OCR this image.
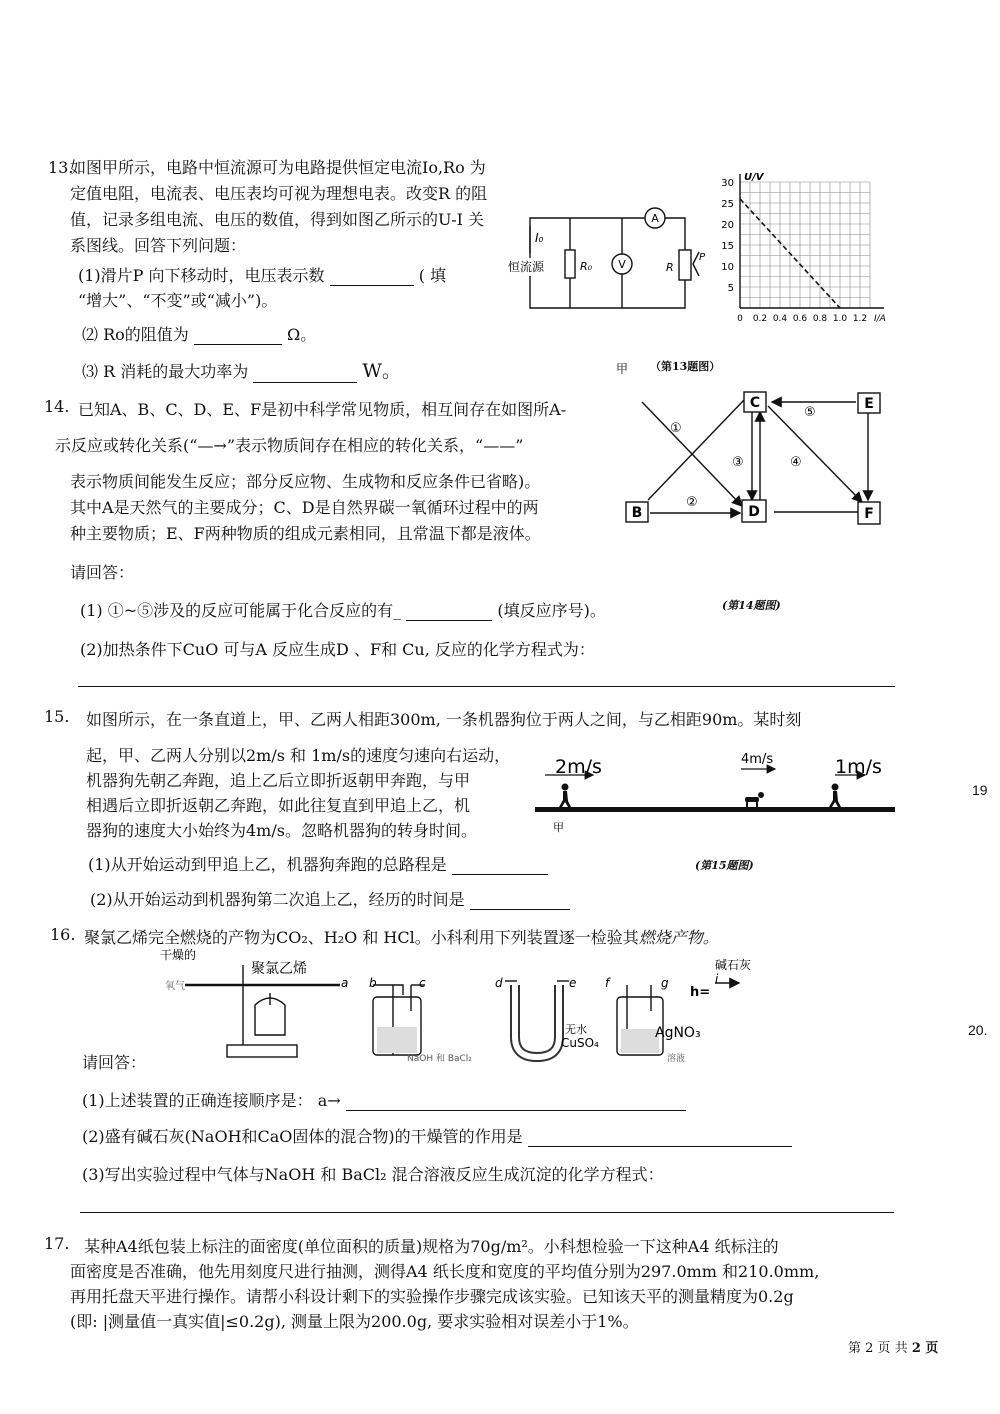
13.
如图甲所示，电路中恒流源可为电路提供恒定电流Io,Ro 为定值电阻，电流表、电压表均可视为理想电表。改变R 的阻值，记录多组电流、电压的数值，得到如图乙所示的U-I 关系图线。回答下列问题：
(1)滑片P 向下移动时，电压表示数	( 填
“增大”、“不变”或“减小”)。
⑵ Ro的阻值为	Ω。
⑶ R 消耗的最大功率为	W。
V
A
恒流源
I₀
R₀	R
P
0 0.2 0.4 0.6 0.8 1.0 1.2
5
10
15
20
25
30
U/V
I/A
甲 （第13题图）
14. 已知A、B、C、D、E、F是初中科学常见物质，相互间存在如图所A-
示反应或转化关系(“—→”表示物质间存在相应的转化关系，“——”
表示物质间能发生反应；部分反应物、生成物和反应条件已省略)。
其中A是天然气的主要成分；C、D是自然界碳一氧循环过程中的两
种主要物质；E、F两种物质的组成元素相同，且常温下都是液体。
请回答：
(1) ①~⑤涉及的反应可能属于化合反应的有_	(填反应序号)。	(第14题图)
(2)加热条件下CuO 可与A 反应生成D 、F和 Cu, 反应的化学方程式为：
C	E
B	D	F
①
②
③	④
⑤
15. 如图所示，在一条直道上，甲、乙两人相距300m, 一条机器狗位于两人之间，与乙相距90m。某时刻
起，甲、乙两人分别以2m/s 和 1m/s的速度匀速向右运动，
机器狗先朝乙奔跑，追上乙后立即折返朝甲奔跑，与甲
相遇后立即折返朝乙奔跑，如此往复直到甲追上乙，机
器狗的速度大小始终为4m/s。忽略机器狗的转身时间。
(1)从开始运动到甲追上乙，机器狗奔跑的总路程是	(第15题图)
(2)从开始运动到机器狗第二次追上乙，经历的时间是
19
2m/s	4m/s	1m/s
甲
16. 聚氯乙烯完全燃烧的产物为CO₂、H₂O 和 HCl。小科利用下列装置逐一检验其燃烧产物。
20.
干燥的
氧气
聚氯乙烯
a b	c	d	e f	g
碱石灰
h=
i
NaOH 和 BaCl₂
无水
CuSO₄
AgNO₃
溶液
请回答：
(1)上述装置的正确连接顺序是： a→
(2)盛有碱石灰(NaOH和CaO固体的混合物)的干燥管的作用是
(3)写出实验过程中气体与NaOH 和 BaCl₂ 混合溶液反应生成沉淀的化学方程式：
17. 某种A4纸包装上标注的面密度(单位面积的质量)规格为70g/m²。小科想检验一下这种A4 纸标注的
面密度是否准确，他先用刻度尺进行抽测，测得A4 纸长度和宽度的平均值分别为297.0mm 和210.0mm,
再用托盘天平进行操作。请帮小科设计剩下的实验操作步骤完成该实验。已知该天平的测量精度为0.2g
(即: |测量值一真实值|≤0.2g), 测量上限为200.0g, 要求实验相对误差小于1%。
第 2 页 共 2 页
